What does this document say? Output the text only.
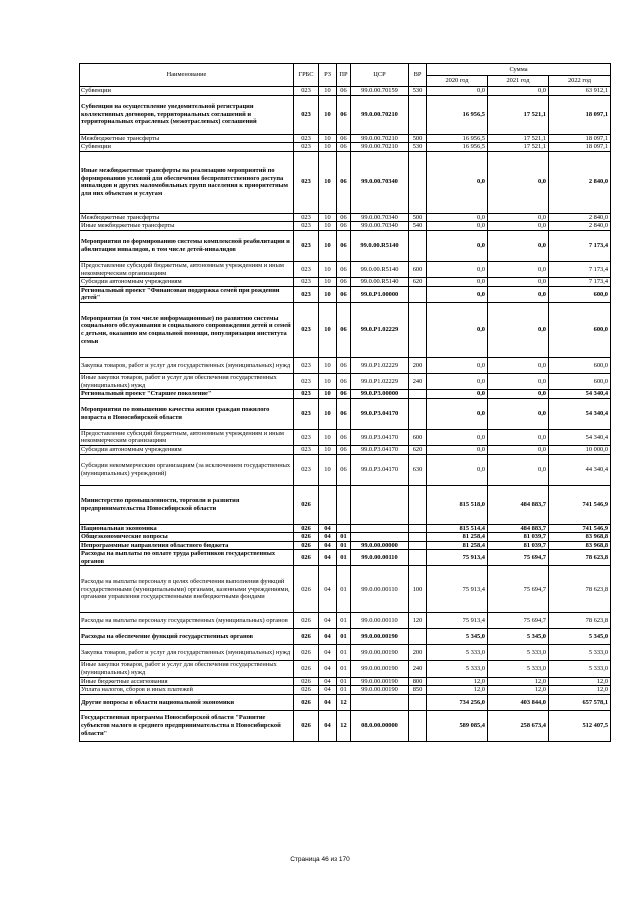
Наименование	ГРБС	РЗ	ПР	ЦСР	ВР	Сумма		
						2020 год	2021 год	2022 год
Субвенции	023	10	06	99.0.00.70159	530	0,0	0,0	63 912,1
Субвенции на осуществление уведомительной регистрации коллективных договоров, территориальных соглашений и территориальных отраслевых (межотраслевых) соглашений	023	10	06	99.0.00.70210		16 956,5	17 521,1	18 097,1
Межбюджетные трансферты	023	10	06	99.0.00.70210	500	16 956,5	17 521,1	18 097,1
Субвенции	023	10	06	99.0.00.70210	530	16 956,5	17 521,1	18 097,1
Иные межбюджетные трансферты на реализацию мероприятий по формированию условий для обеспечения беспрепятственного доступа инвалидов и других маломобильных групп населения к приоритетным для них объектам и услугам	023	10	06	99.0.00.70340		0,0	0,0	2 840,0
Межбюджетные трансферты	023	10	06	99.0.00.70340	500	0,0	0,0	2 840,0
Иные межбюджетные трансферты	023	10	06	99.0.00.70340	540	0,0	0,0	2 840,0
Мероприятия по формированию системы комплексной реабилитации и абилитации инвалидов, в том числе детей-инвалидов	023	10	06	99.0.00.R5140		0,0	0,0	7 173,4
Предоставление субсидий бюджетным, автономным учреждениям и иным некоммерческим организациям	023	10	06	99.0.00.R5140	600	0,0	0,0	7 173,4
Субсидии автономным учреждениям	023	10	06	99.0.00.R5140	620	0,0	0,0	7 173,4
Региональный проект "Финансовая поддержка семей при рождении детей"	023	10	06	99.0.P1.00000		0,0	0,0	600,0
Мероприятия (в том числе информационные) по развитию системы социального обслуживания и социального сопровождения детей и семей с детьми, оказанию им социальной помощи, популяризации института семьи	023	10	06	99.0.P1.02229		0,0	0,0	600,0
Закупка товаров, работ и услуг для государственных (муниципальных) нужд	023	10	06	99.0.P1.02229	200	0,0	0,0	600,0
Иные закупки товаров, работ и услуг для обеспечения государственных (муниципальных) нужд	023	10	06	99.0.P1.02229	240	0,0	0,0	600,0
Региональный проект "Старшее поколение"	023	10	06	99.0.P3.00000		0,0	0,0	54 340,4
Мероприятия по повышению качества жизни граждан пожилого возраста в Новосибирской области	023	10	06	99.0.P3.04170		0,0	0,0	54 340,4
Предоставление субсидий бюджетным, автономным учреждениям и иным некоммерческим организациям	023	10	06	99.0.P3.04170	600	0,0	0,0	54 340,4
Субсидии автономным учреждениям	023	10	06	99.0.P3.04170	620	0,0	0,0	10 000,0
Субсидии некоммерческим организациям (за исключением государственных (муниципальных) учреждений)	023	10	06	99.0.P3.04170	630	0,0	0,0	44 340,4
Министерство промышленности, торговли и развития предпринимательства Новосибирской области	026					815 518,0	484 883,7	741 546,9
Национальная экономика	026	04				815 514,4	484 883,7	741 546,9
Общеэкономические вопросы	026	04	01			81 258,4	81 039,7	83 968,8
Непрограммные направления областного бюджета	026	04	01	99.0.00.00000		81 258,4	81 039,7	83 968,8
Расходы на выплаты по оплате труда работников государственных органов	026	04	01	99.0.00.00110		75 913,4	75 694,7	78 623,8
Расходы на выплаты персоналу в целях обеспечения выполнения функций государственными (муниципальными) органами, казенными учреждениями, органами управления государственными внебюджетными фондами	026	04	01	99.0.00.00110	100	75 913,4	75 694,7	78 623,8
Расходы на выплаты персоналу государственных (муниципальных) органов	026	04	01	99.0.00.00110	120	75 913,4	75 694,7	78 623,8
Расходы на обеспечение функций государственных органов	026	04	01	99.0.00.00190		5 345,0	5 345,0	5 345,0
Закупка товаров, работ и услуг для государственных (муниципальных) нужд	026	04	01	99.0.00.00190	200	5 333,0	5 333,0	5 333,0
Иные закупки товаров, работ и услуг для обеспечения государственных (муниципальных) нужд	026	04	01	99.0.00.00190	240	5 333,0	5 333,0	5 333,0
Иные бюджетные ассигнования	026	04	01	99.0.00.00190	800	12,0	12,0	12,0
Уплата налогов, сборов и иных платежей	026	04	01	99.0.00.00190	850	12,0	12,0	12,0
Другие вопросы в области национальной экономики	026	04	12			734 256,0	403 844,0	657 578,1
Государственная программа Новосибирской области "Развитие субъектов малого и среднего предпринимательства в Новосибирской области"	026	04	12	08.0.00.00000		589 085,4	258 673,4	512 407,5
Страница 46 из 170
